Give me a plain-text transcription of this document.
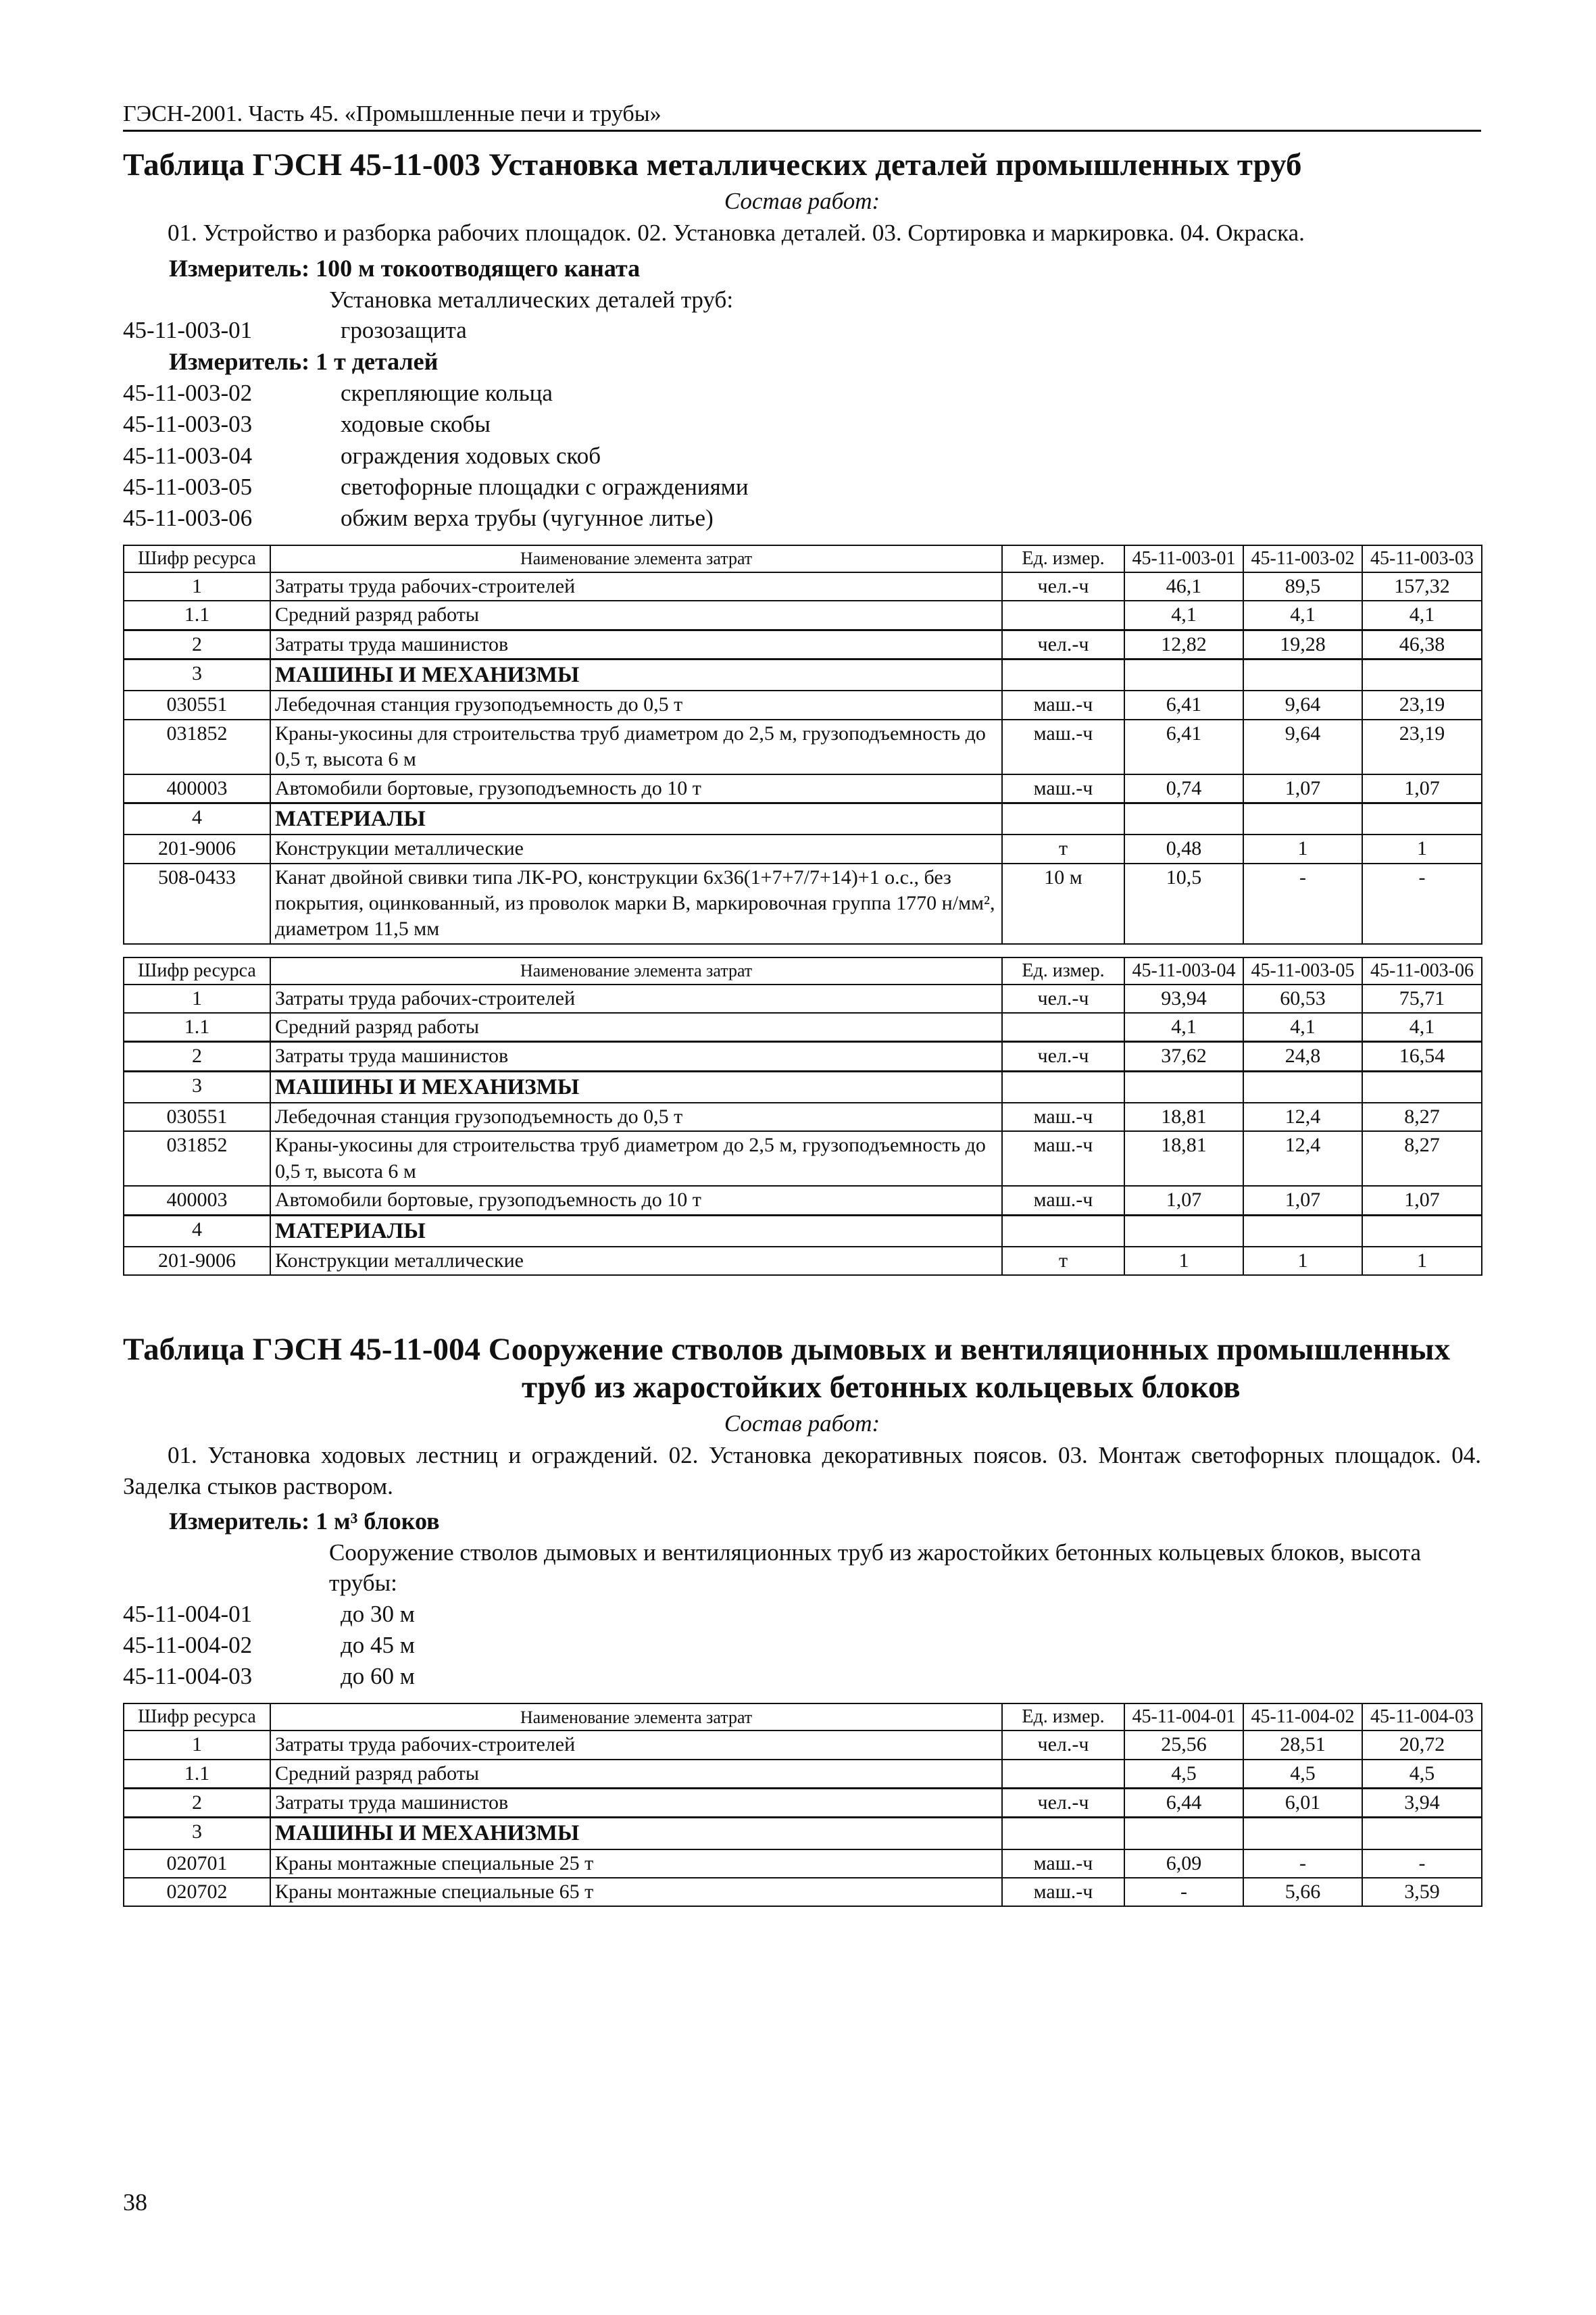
ГЭСН-2001. Часть 45. «Промышленные печи и трубы»
Таблица ГЭСН 45-11-003 Установка металлических деталей промышленных труб
Состав работ:
01. Устройство и разборка рабочих площадок. 02. Установка деталей. 03. Сортировка и маркировка. 04. Окраска.
Измеритель: 100 м токоотводящего каната
Установка металлических деталей труб:
45-11-003-01	грозозащита
Измеритель: 1 т деталей
45-11-003-02	скрепляющие кольца
45-11-003-03	ходовые скобы
45-11-003-04	ограждения ходовых скоб
45-11-003-05	светофорные площадки с ограждениями
45-11-003-06	обжим верха трубы (чугунное литье)
Шифр ресурса	Наименование элемента затрат	Ед. измер.	45-11-003-01	45-11-003-02	45-11-003-03
1	Затраты труда рабочих-строителей	чел.-ч	46,1	89,5	157,32
1.1	Средний разряд работы		4,1	4,1	4,1
2	Затраты труда машинистов	чел.-ч	12,82	19,28	46,38
3	МАШИНЫ И МЕХАНИЗМЫ				
030551	Лебедочная станция грузоподъемность до 0,5 т	маш.-ч	6,41	9,64	23,19
031852	Краны-укосины для строительства труб диаметром до 2,5 м, грузоподъемность до 0,5 т, высота 6 м	маш.-ч	6,41	9,64	23,19
400003	Автомобили бортовые, грузоподъемность до 10 т	маш.-ч	0,74	1,07	1,07
4	МАТЕРИАЛЫ				
201-9006	Конструкции металлические	т	0,48	1	1
508-0433	Канат двойной свивки типа ЛК-РО, конструкции 6х36(1+7+7/7+14)+1 о.с., без покрытия, оцинкованный, из проволок марки В, маркировочная группа 1770 н/мм², диаметром 11,5 мм	10 м	10,5	-	-
Шифр ресурса	Наименование элемента затрат	Ед. измер.	45-11-003-04	45-11-003-05	45-11-003-06
1	Затраты труда рабочих-строителей	чел.-ч	93,94	60,53	75,71
1.1	Средний разряд работы		4,1	4,1	4,1
2	Затраты труда машинистов	чел.-ч	37,62	24,8	16,54
3	МАШИНЫ И МЕХАНИЗМЫ				
030551	Лебедочная станция грузоподъемность до 0,5 т	маш.-ч	18,81	12,4	8,27
031852	Краны-укосины для строительства труб диаметром до 2,5 м, грузоподъемность до 0,5 т, высота 6 м	маш.-ч	18,81	12,4	8,27
400003	Автомобили бортовые, грузоподъемность до 10 т	маш.-ч	1,07	1,07	1,07
4	МАТЕРИАЛЫ				
201-9006	Конструкции металлические	т	1	1	1
Таблица ГЭСН 45-11-004 Сооружение стволов дымовых и вентиляционных промышленных труб из жаростойких бетонных кольцевых блоков
Состав работ:
01. Установка ходовых лестниц и ограждений. 02. Установка декоративных поясов. 03. Монтаж светофорных площадок. 04. Заделка стыков раствором.
Измеритель: 1 м³ блоков
Сооружение стволов дымовых и вентиляционных труб из жаростойких бетонных кольцевых блоков, высота трубы:
45-11-004-01	до 30 м
45-11-004-02	до 45 м
45-11-004-03	до 60 м
Шифр ресурса	Наименование элемента затрат	Ед. измер.	45-11-004-01	45-11-004-02	45-11-004-03
1	Затраты труда рабочих-строителей	чел.-ч	25,56	28,51	20,72
1.1	Средний разряд работы		4,5	4,5	4,5
2	Затраты труда машинистов	чел.-ч	6,44	6,01	3,94
3	МАШИНЫ И МЕХАНИЗМЫ				
020701	Краны монтажные специальные 25 т	маш.-ч	6,09	-	-
020702	Краны монтажные специальные 65 т	маш.-ч	-	5,66	3,59
38
